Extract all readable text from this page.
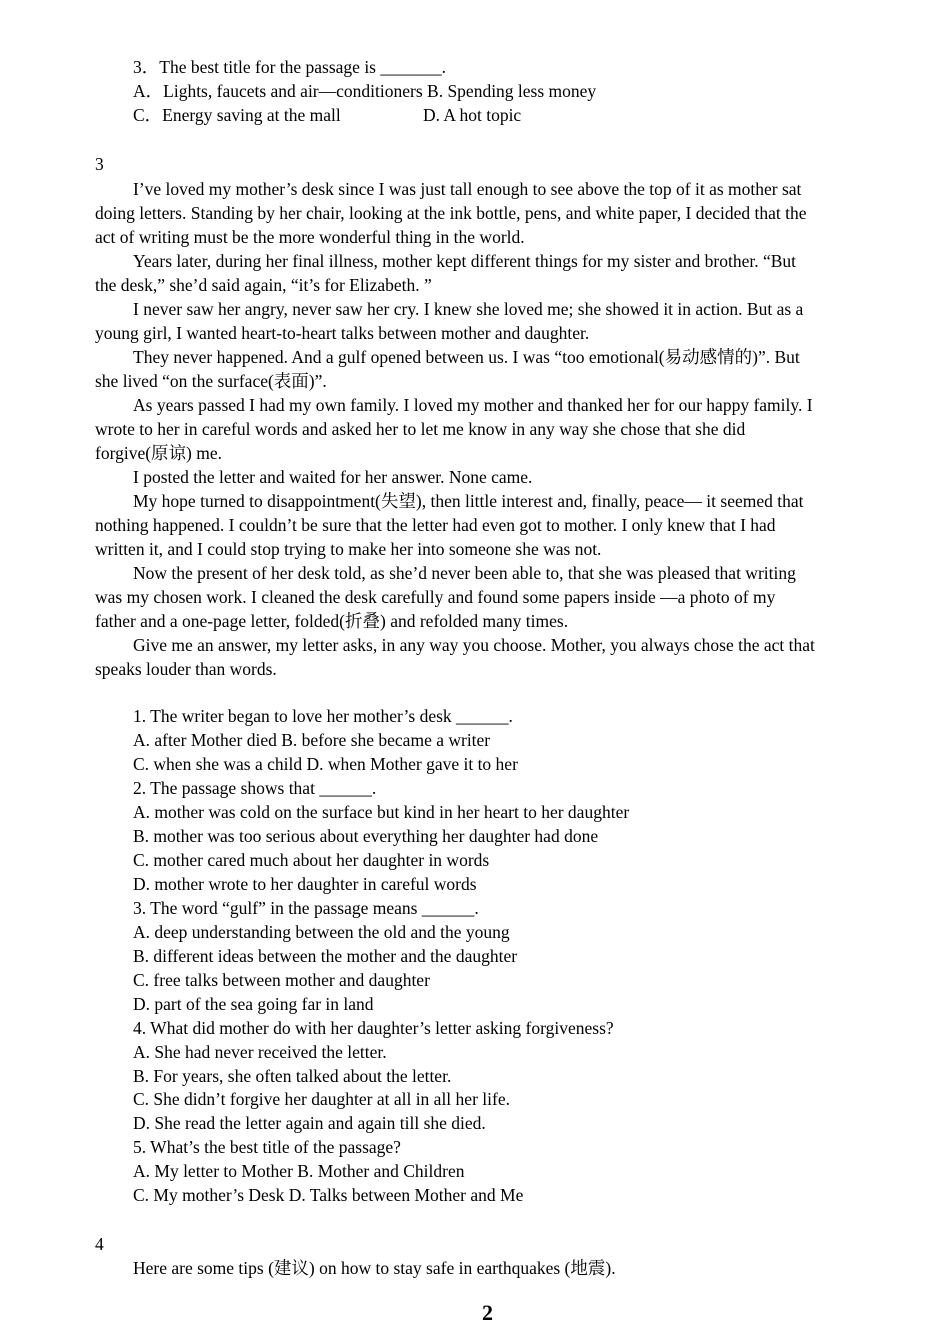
3．The best title for the passage is _______.
A．Lights, faucets and air—conditioners B. Spending less money
C．Energy saving at the mall	D. A hot topic
3
I’ve loved my mother’s desk since I was just tall enough to see above the top of it as mother sat
doing letters. Standing by her chair, looking at the ink bottle, pens, and white paper, I decided that the
act of writing must be the more wonderful thing in the world.
Years later, during her final illness, mother kept different things for my sister and brother. “But
the desk,” she’d said again, “it’s for Elizabeth. ”
I never saw her angry, never saw her cry. I knew she loved me; she showed it in action. But as a
young girl, I wanted heart-to-heart talks between mother and daughter.
They never happened. And a gulf opened between us. I was “too emotional(易动感情的)”. But
she lived “on the surface(表面)”.
As years passed I had my own family. I loved my mother and thanked her for our happy family. I
wrote to her in careful words and asked her to let me know in any way she chose that she did
forgive(原谅) me.
I posted the letter and waited for her answer. None came.
My hope turned to disappointment(失望), then little interest and, finally, peace— it seemed that
nothing happened. I couldn’t be sure that the letter had even got to mother. I only knew that I had
written it, and I could stop trying to make her into someone she was not.
Now the present of her desk told, as she’d never been able to, that she was pleased that writing
was my chosen work. I cleaned the desk carefully and found some papers inside —a photo of my
father and a one-page letter, folded(折叠) and refolded many times.
Give me an answer, my letter asks, in any way you choose. Mother, you always chose the act that
speaks louder than words.
1. The writer began to love her mother’s desk ______.
A. after Mother died B. before she became a writer
C. when she was a child D. when Mother gave it to her
2. The passage shows that ______.
A. mother was cold on the surface but kind in her heart to her daughter
B. mother was too serious about everything her daughter had done
C. mother cared much about her daughter in words
D. mother wrote to her daughter in careful words
3. The word “gulf” in the passage means ______.
A. deep understanding between the old and the young
B. different ideas between the mother and the daughter
C. free talks between mother and daughter
D. part of the sea going far in land
4. What did mother do with her daughter’s letter asking forgiveness?
A. She had never received the letter.
B. For years, she often talked about the letter.
C. She didn’t forgive her daughter at all in all her life.
D. She read the letter again and again till she died.
5. What’s the best title of the passage?
A. My letter to Mother B. Mother and Children
C. My mother’s Desk D. Talks between Mother and Me
4
Here are some tips (建议) on how to stay safe in earthquakes (地震).
2
